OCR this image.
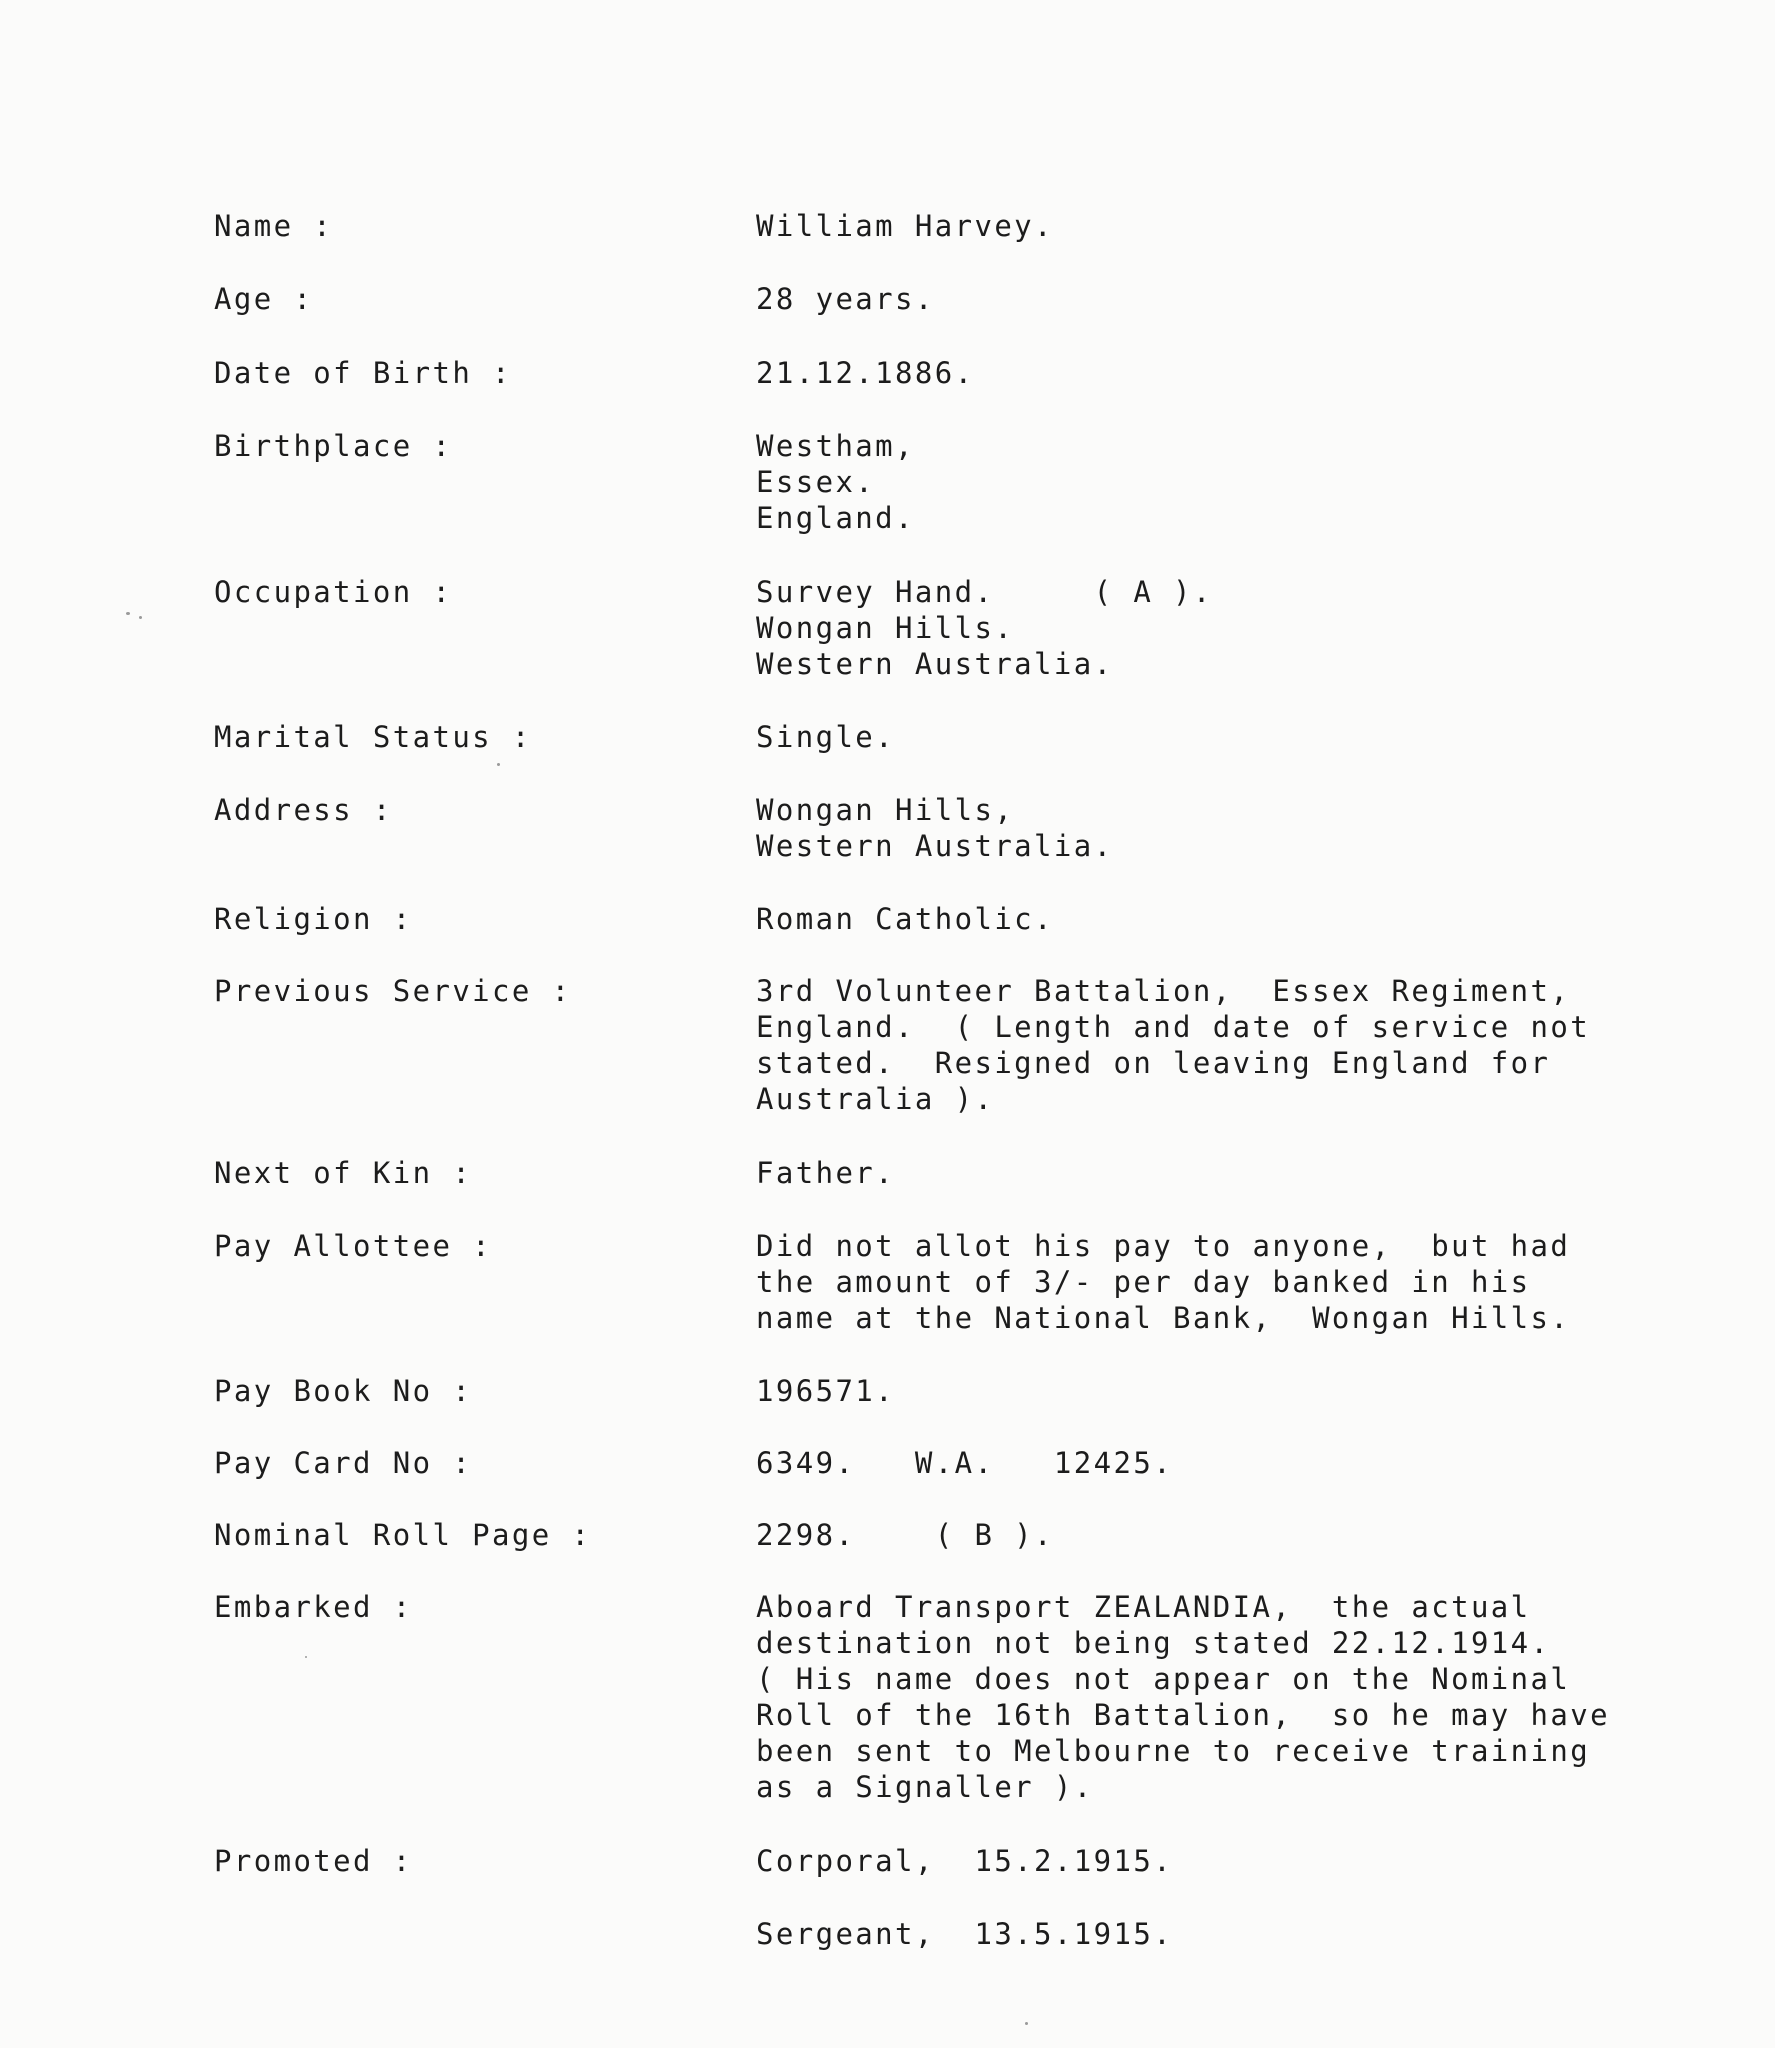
Name :	William Harvey.
Age :	28 years.
Date of Birth :	21.12.1886.
Birthplace :	Westham,
Essex.
England.
Occupation :	Survey Hand.     ( A ).
Wongan Hills.
Western Australia.
Marital Status :	Single.
Address :	Wongan Hills,
Western Australia.
Religion :	Roman Catholic.
Previous Service :	3rd Volunteer Battalion,  Essex Regiment,
England.  ( Length and date of service not
stated.  Resigned on leaving England for
Australia ).
Next of Kin :	Father.
Pay Allottee :	Did not allot his pay to anyone,  but had
the amount of 3/- per day banked in his
name at the National Bank,  Wongan Hills.
Pay Book No :	196571.
Pay Card No :	6349.   W.A.   12425.
Nominal Roll Page :	2298.    ( B ).
Embarked :	Aboard Transport ZEALANDIA,  the actual
destination not being stated 22.12.1914.
( His name does not appear on the Nominal
Roll of the 16th Battalion,  so he may have
been sent to Melbourne to receive training
as a Signaller ).
Promoted :	Corporal,  15.2.1915.
Sergeant,  13.5.1915.
